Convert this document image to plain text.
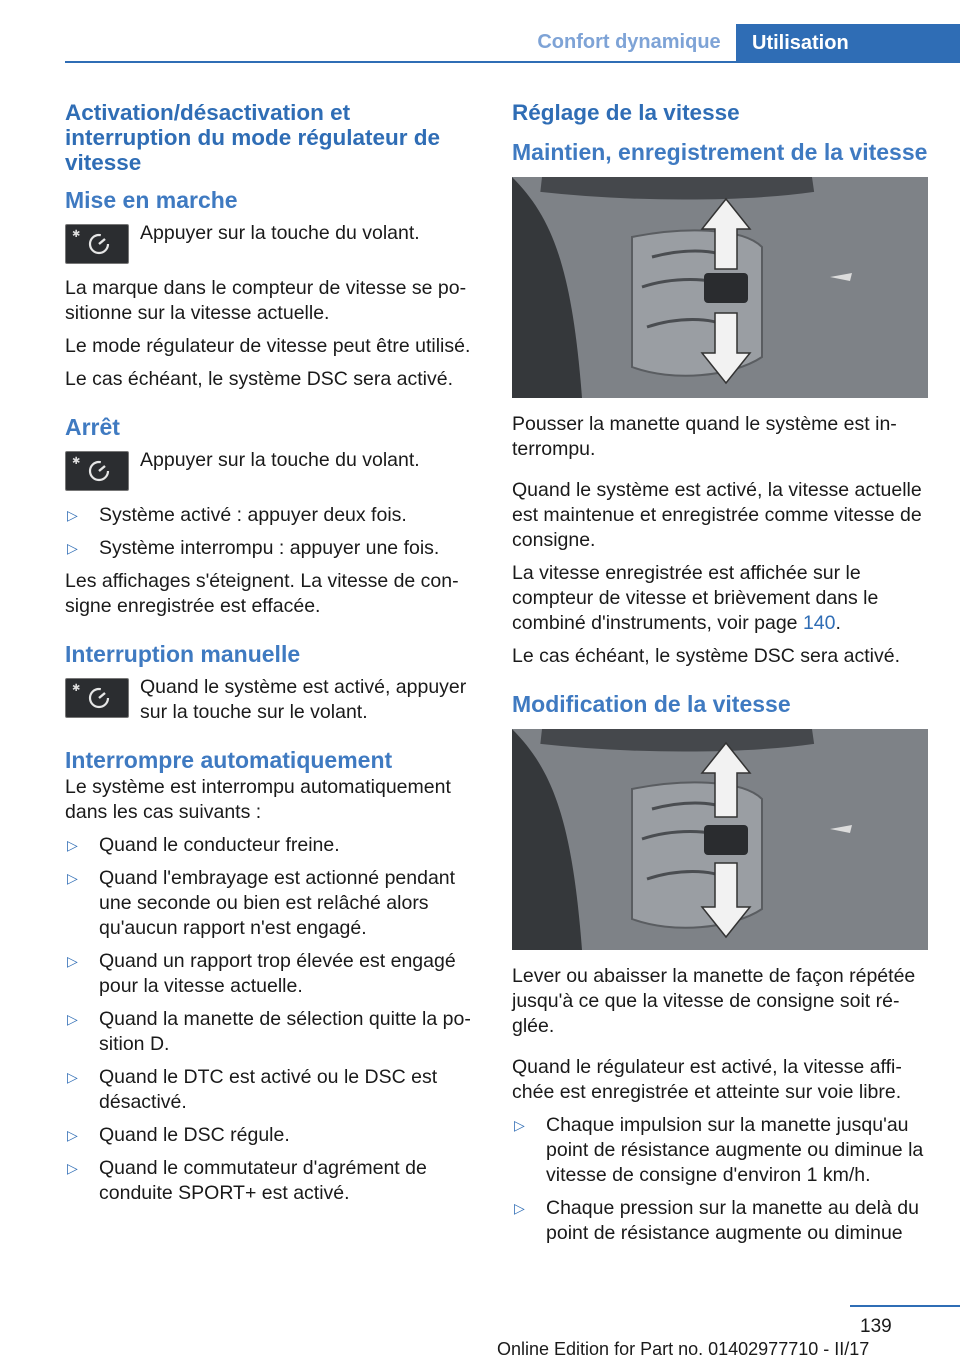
Confort dynamique	Utilisation
Activation/désactivation et interruption du mode régulateur de vitesse
Mise en marche
✱	Appuyer sur la touche du volant.

La marque dans le compteur de vitesse se positionne sur la vitesse actuelle.

Le mode régulateur de vitesse peut être utilisé.

Le cas échéant, le système DSC sera activé.

Arrêt
✱	Appuyer sur la touche du volant.
▷ Système activé : appuyer deux fois.
▷ Système interrompu : appuyer une fois.

Les affichages s'éteignent. La vitesse de consigne enregistrée est effacée.

Interruption manuelle
✱	Quand le système est activé, appuyer sur la touche sur le volant.
Interrompre automatiquement

Le système est interrompu automatiquement dans les cas suivants :

▷ Quand le conducteur freine.
▷ Quand l'embrayage est actionné pendant une seconde ou bien est relâché alors qu'aucun rapport n'est engagé.
▷ Quand un rapport trop élevée est engagé pour la vitesse actuelle.
▷ Quand la manette de sélection quitte la position D.
▷ Quand le DTC est activé ou le DSC est désactivé.
▷ Quand le DSC régule.
▷ Quand le commutateur d'agrément de conduite SPORT+ est activé.
Réglage de la vitesse
Maintien, enregistrement de la vitesse

Pousser la manette quand le système est interrompu.

Quand le système est activé, la vitesse actuelle est maintenue et enregistrée comme vitesse de consigne.

La vitesse enregistrée est affichée sur le compteur de vitesse et brièvement dans le combiné d'instruments, voir page 140.

Le cas échéant, le système DSC sera activé.

Modification de la vitesse

Lever ou abaisser la manette de façon répétée jusqu'à ce que la vitesse de consigne soit réglée.

Quand le régulateur est activé, la vitesse affichée est enregistrée et atteinte sur voie libre.

▷ Chaque impulsion sur la manette jusqu'au point de résistance augmente ou diminue la vitesse de consigne d'environ 1 km/h.
▷ Chaque pression sur la manette au delà du point de résistance augmente ou diminue
139
Online Edition for Part no. 01402977710 - II/17
